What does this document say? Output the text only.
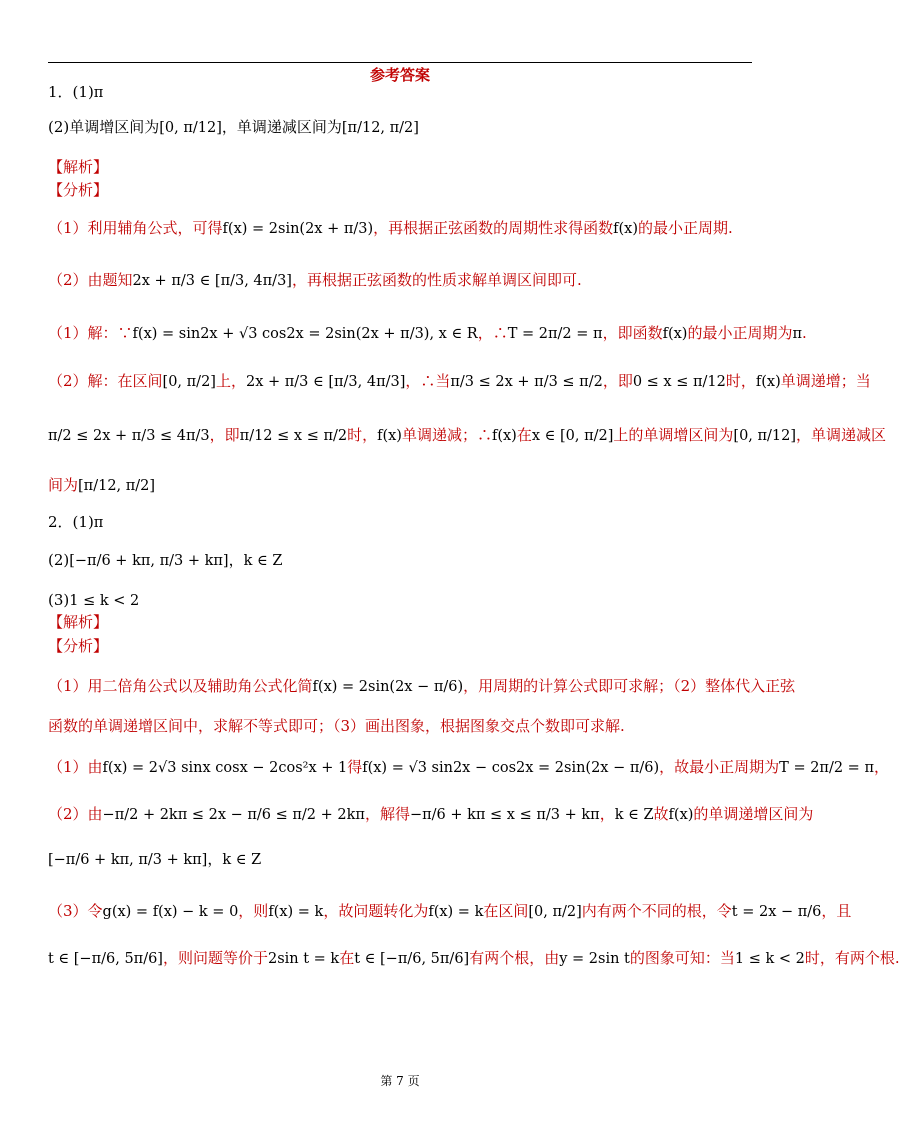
参考答案
1．(1)π
(2)单调增区间为[0, π/12]，单调递减区间为[π/12, π/2]
【解析】
【分析】
（1）利用辅角公式，可得f(x) = 2sin(2x + π/3)，再根据正弦函数的周期性求得函数f(x)的最小正周期.
（2）由题知2x + π/3 ∈ [π/3, 4π/3]，再根据正弦函数的性质求解单调区间即可.
（1）解：∵f(x) = sin2x + √3 cos2x = 2sin(2x + π/3), x ∈ R，∴T = 2π/2 = π，即函数f(x)的最小正周期为π.
（2）解：在区间[0, π/2]上，2x + π/3 ∈ [π/3, 4π/3]，∴当π/3 ≤ 2x + π/3 ≤ π/2，即0 ≤ x ≤ π/12时，f(x)单调递增；当
π/2 ≤ 2x + π/3 ≤ 4π/3，即π/12 ≤ x ≤ π/2时，f(x)单调递减；∴f(x)在x ∈ [0, π/2]上的单调增区间为[0, π/12]，单调递减区
间为[π/12, π/2]
2．(1)π
(2)[−π/6 + kπ, π/3 + kπ]，k ∈ Z
(3)1 ≤ k < 2
【解析】
【分析】
（1）用二倍角公式以及辅助角公式化简f(x) = 2sin(2x − π/6)，用周期的计算公式即可求解；（2）整体代入正弦
函数的单调递增区间中，求解不等式即可；（3）画出图象，根据图象交点个数即可求解.
（1）由f(x) = 2√3 sinx cosx − 2cos²x + 1得f(x) = √3 sin2x − cos2x = 2sin(2x − π/6)，故最小正周期为T = 2π/2 = π，
（2）由−π/2 + 2kπ ≤ 2x − π/6 ≤ π/2 + 2kπ，解得−π/6 + kπ ≤ x ≤ π/3 + kπ，k ∈ Z故f(x)的单调递增区间为
[−π/6 + kπ, π/3 + kπ]，k ∈ Z
（3）令g(x) = f(x) − k = 0，则f(x) = k，故问题转化为f(x) = k在区间[0, π/2]内有两个不同的根，令t = 2x − π/6，且
t ∈ [−π/6, 5π/6]，则问题等价于2sin t = k在t ∈ [−π/6, 5π/6]有两个根，由y = 2sin t的图象可知：当1 ≤ k < 2时，有两个根.
第 7 页
